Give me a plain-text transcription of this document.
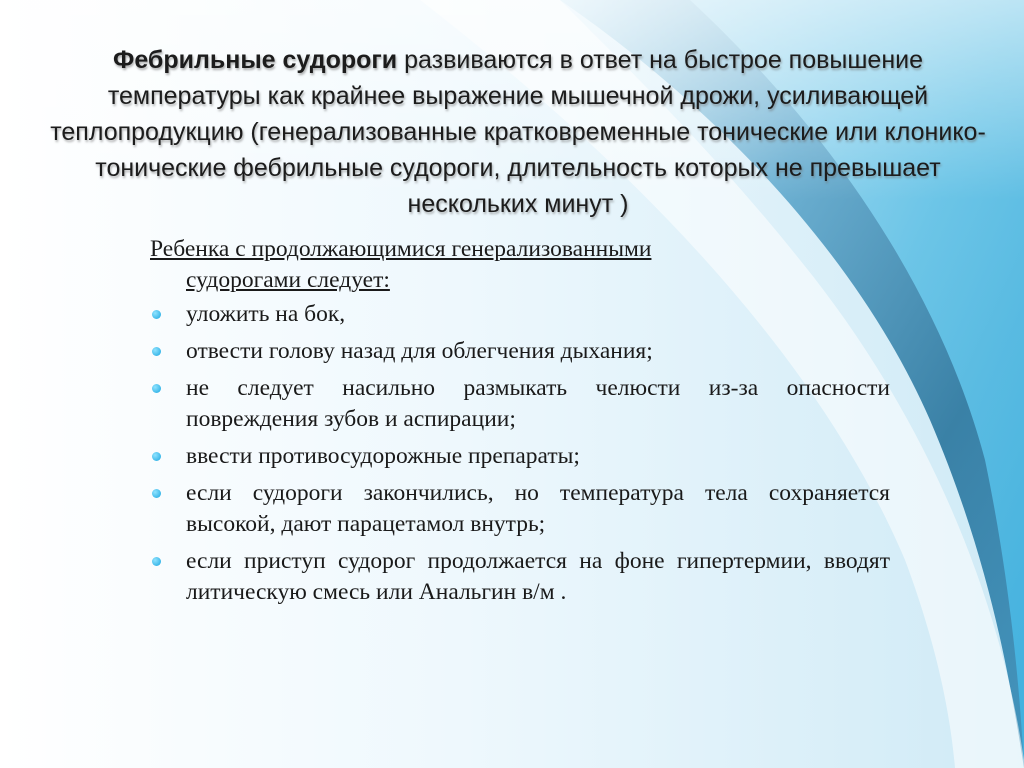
Фебрильные судороги развиваются в ответ на быстрое повышение температуры как крайнее выражение мышечной дрожи, усиливающей теплопродукцию (генерализованные кратковременные тонические или клонико-тонические фебрильные судороги, длительность которых не превышает нескольких минут )
Ребенка с продолжающимися генерализованными
судорогами следует:
уложить на бок,
отвести голову назад для облегчения дыхания;
не следует насильно размыкать челюсти из-за опасности повреждения зубов и аспирации;
ввести противосудорожные препараты;
если судороги закончились, но температура тела сохраняется высокой, дают парацетамол внутрь;
если приступ судорог продолжается на фоне гипертермии, вводят литическую смесь или Анальгин в/м .
